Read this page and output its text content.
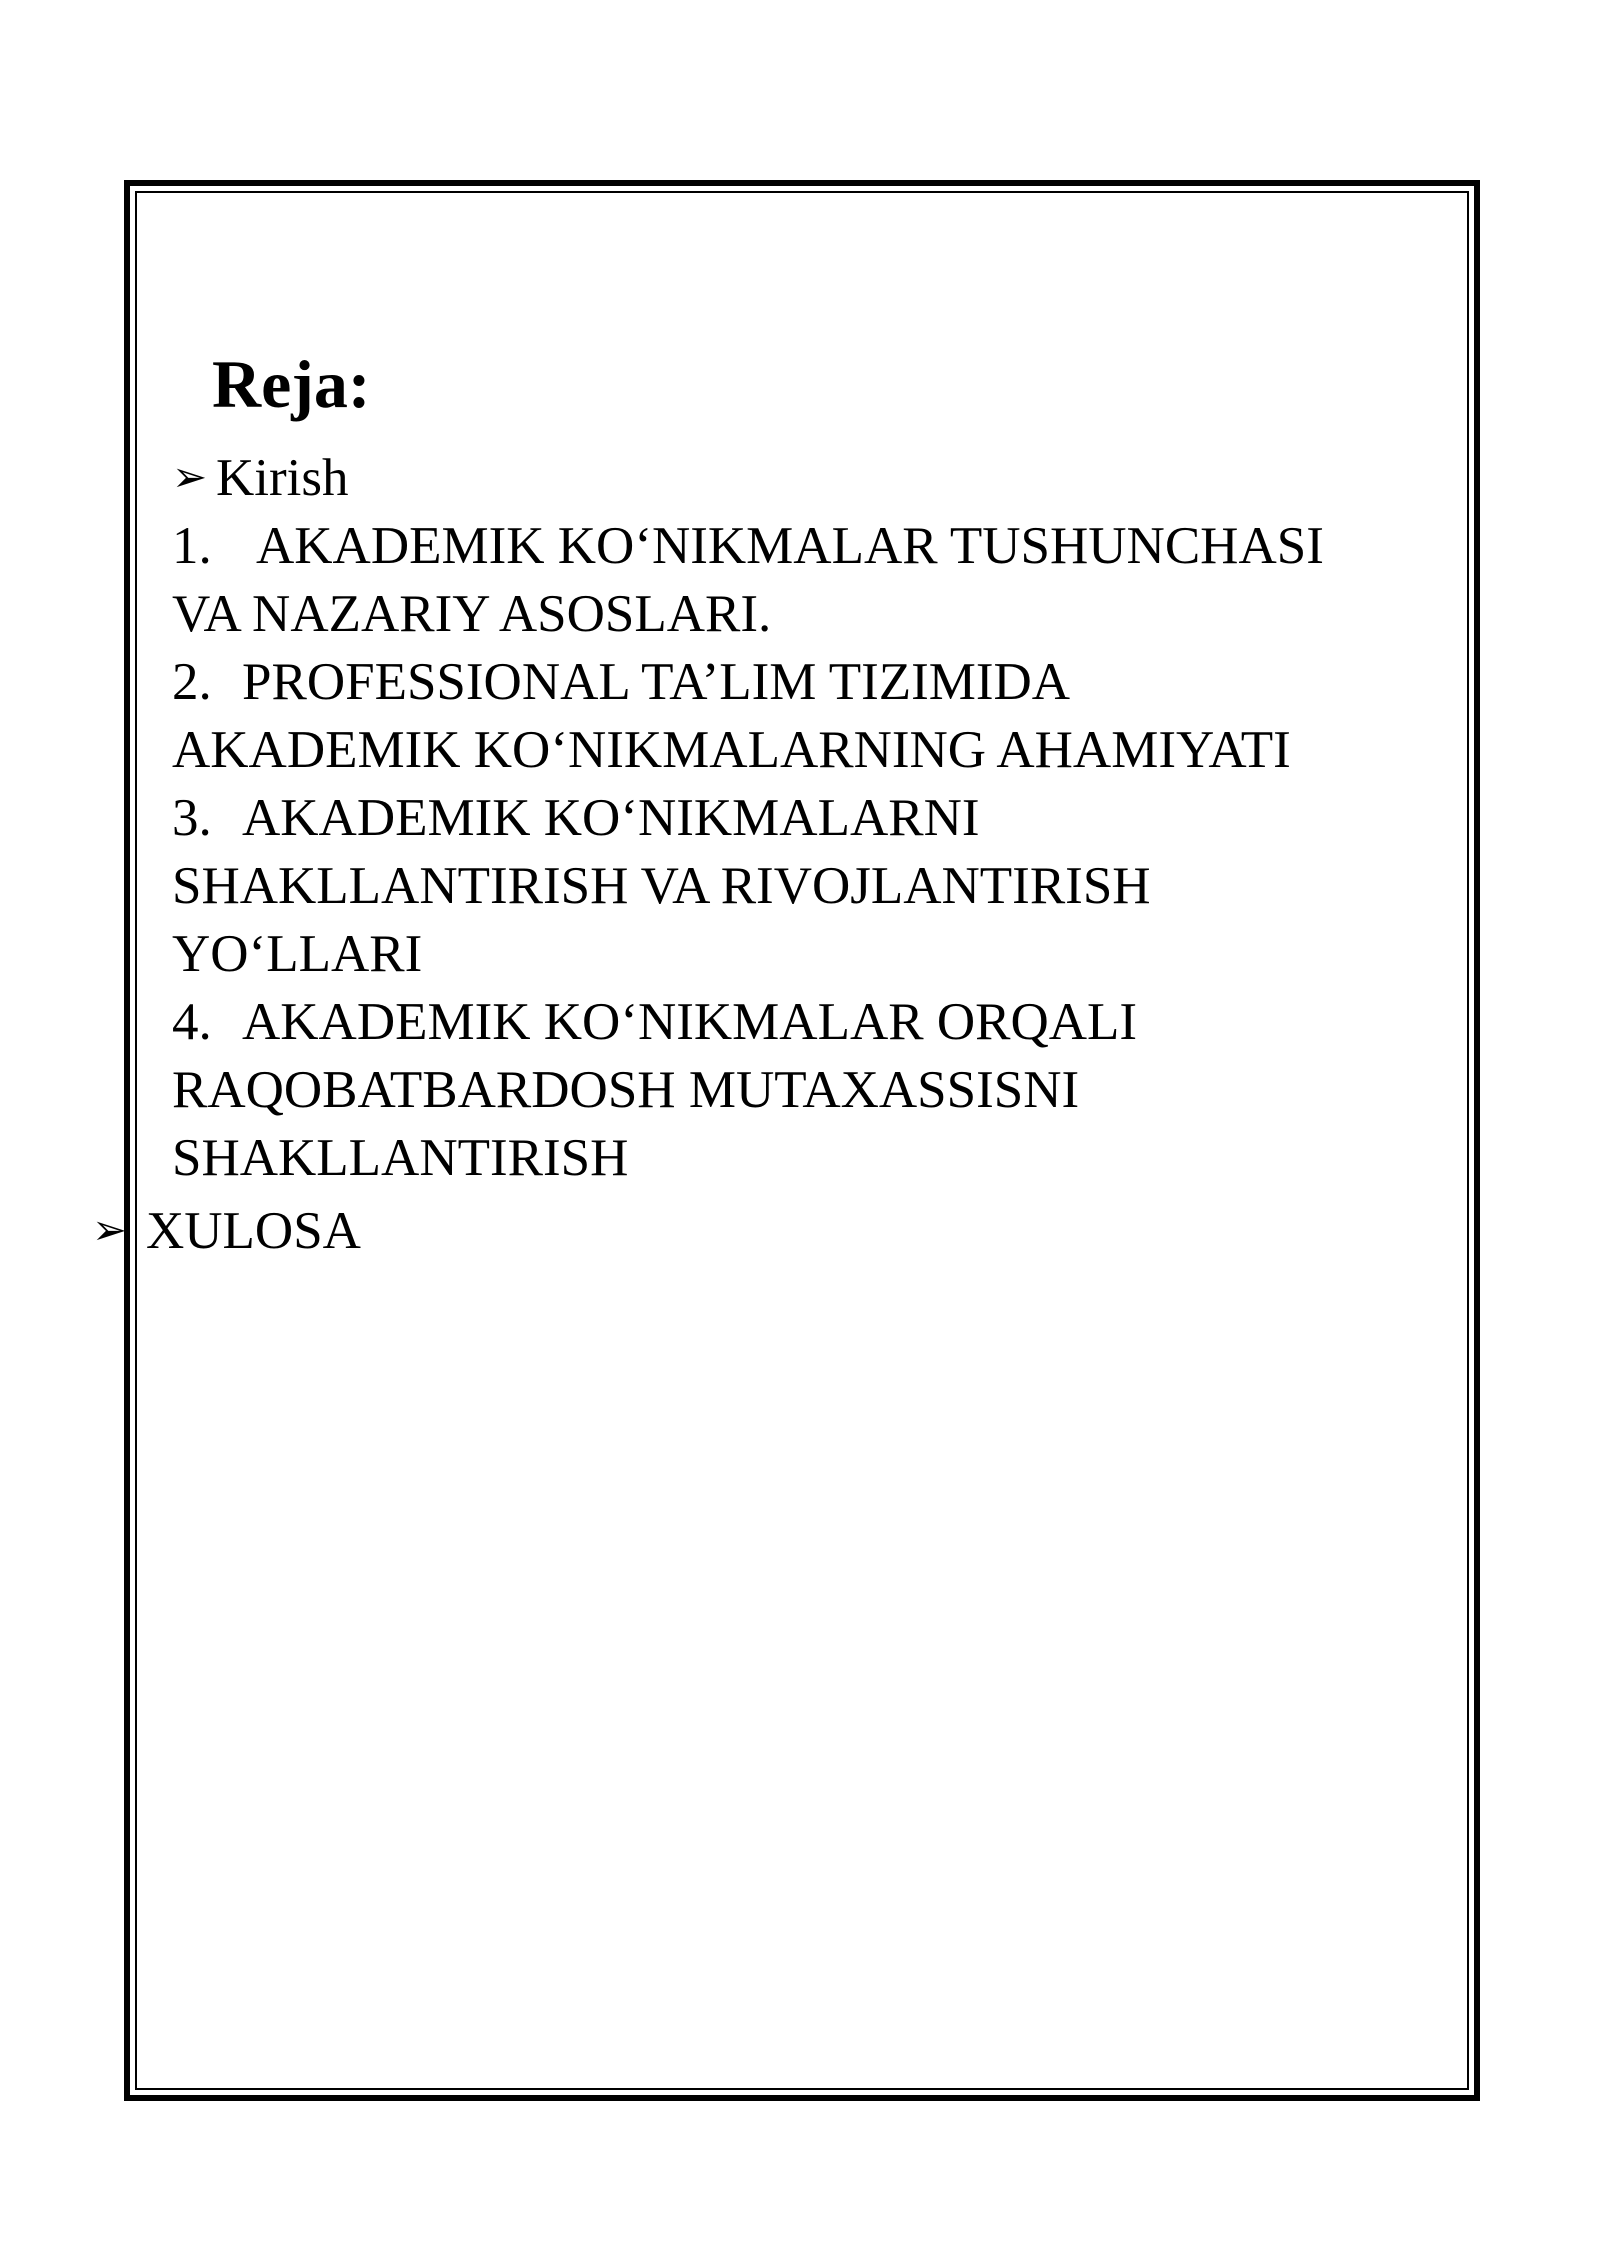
Reja:
➢ Kirish
1. AKADEMIK KO‘NIKMALAR TUSHUNCHASI
VA NAZARIY ASOSLARI.
2. PROFESSIONAL TA’LIM TIZIMIDA
AKADEMIK KO‘NIKMALARNING AHAMIYATI
3. AKADEMIK KO‘NIKMALARNI
SHAKLLANTIRISH VA RIVOJLANTIRISH
YO‘LLARI
4. AKADEMIK KO‘NIKMALAR ORQALI
RAQOBATBARDOSH MUTAXASSISNI
SHAKLLANTIRISH
➢ XULOSA
